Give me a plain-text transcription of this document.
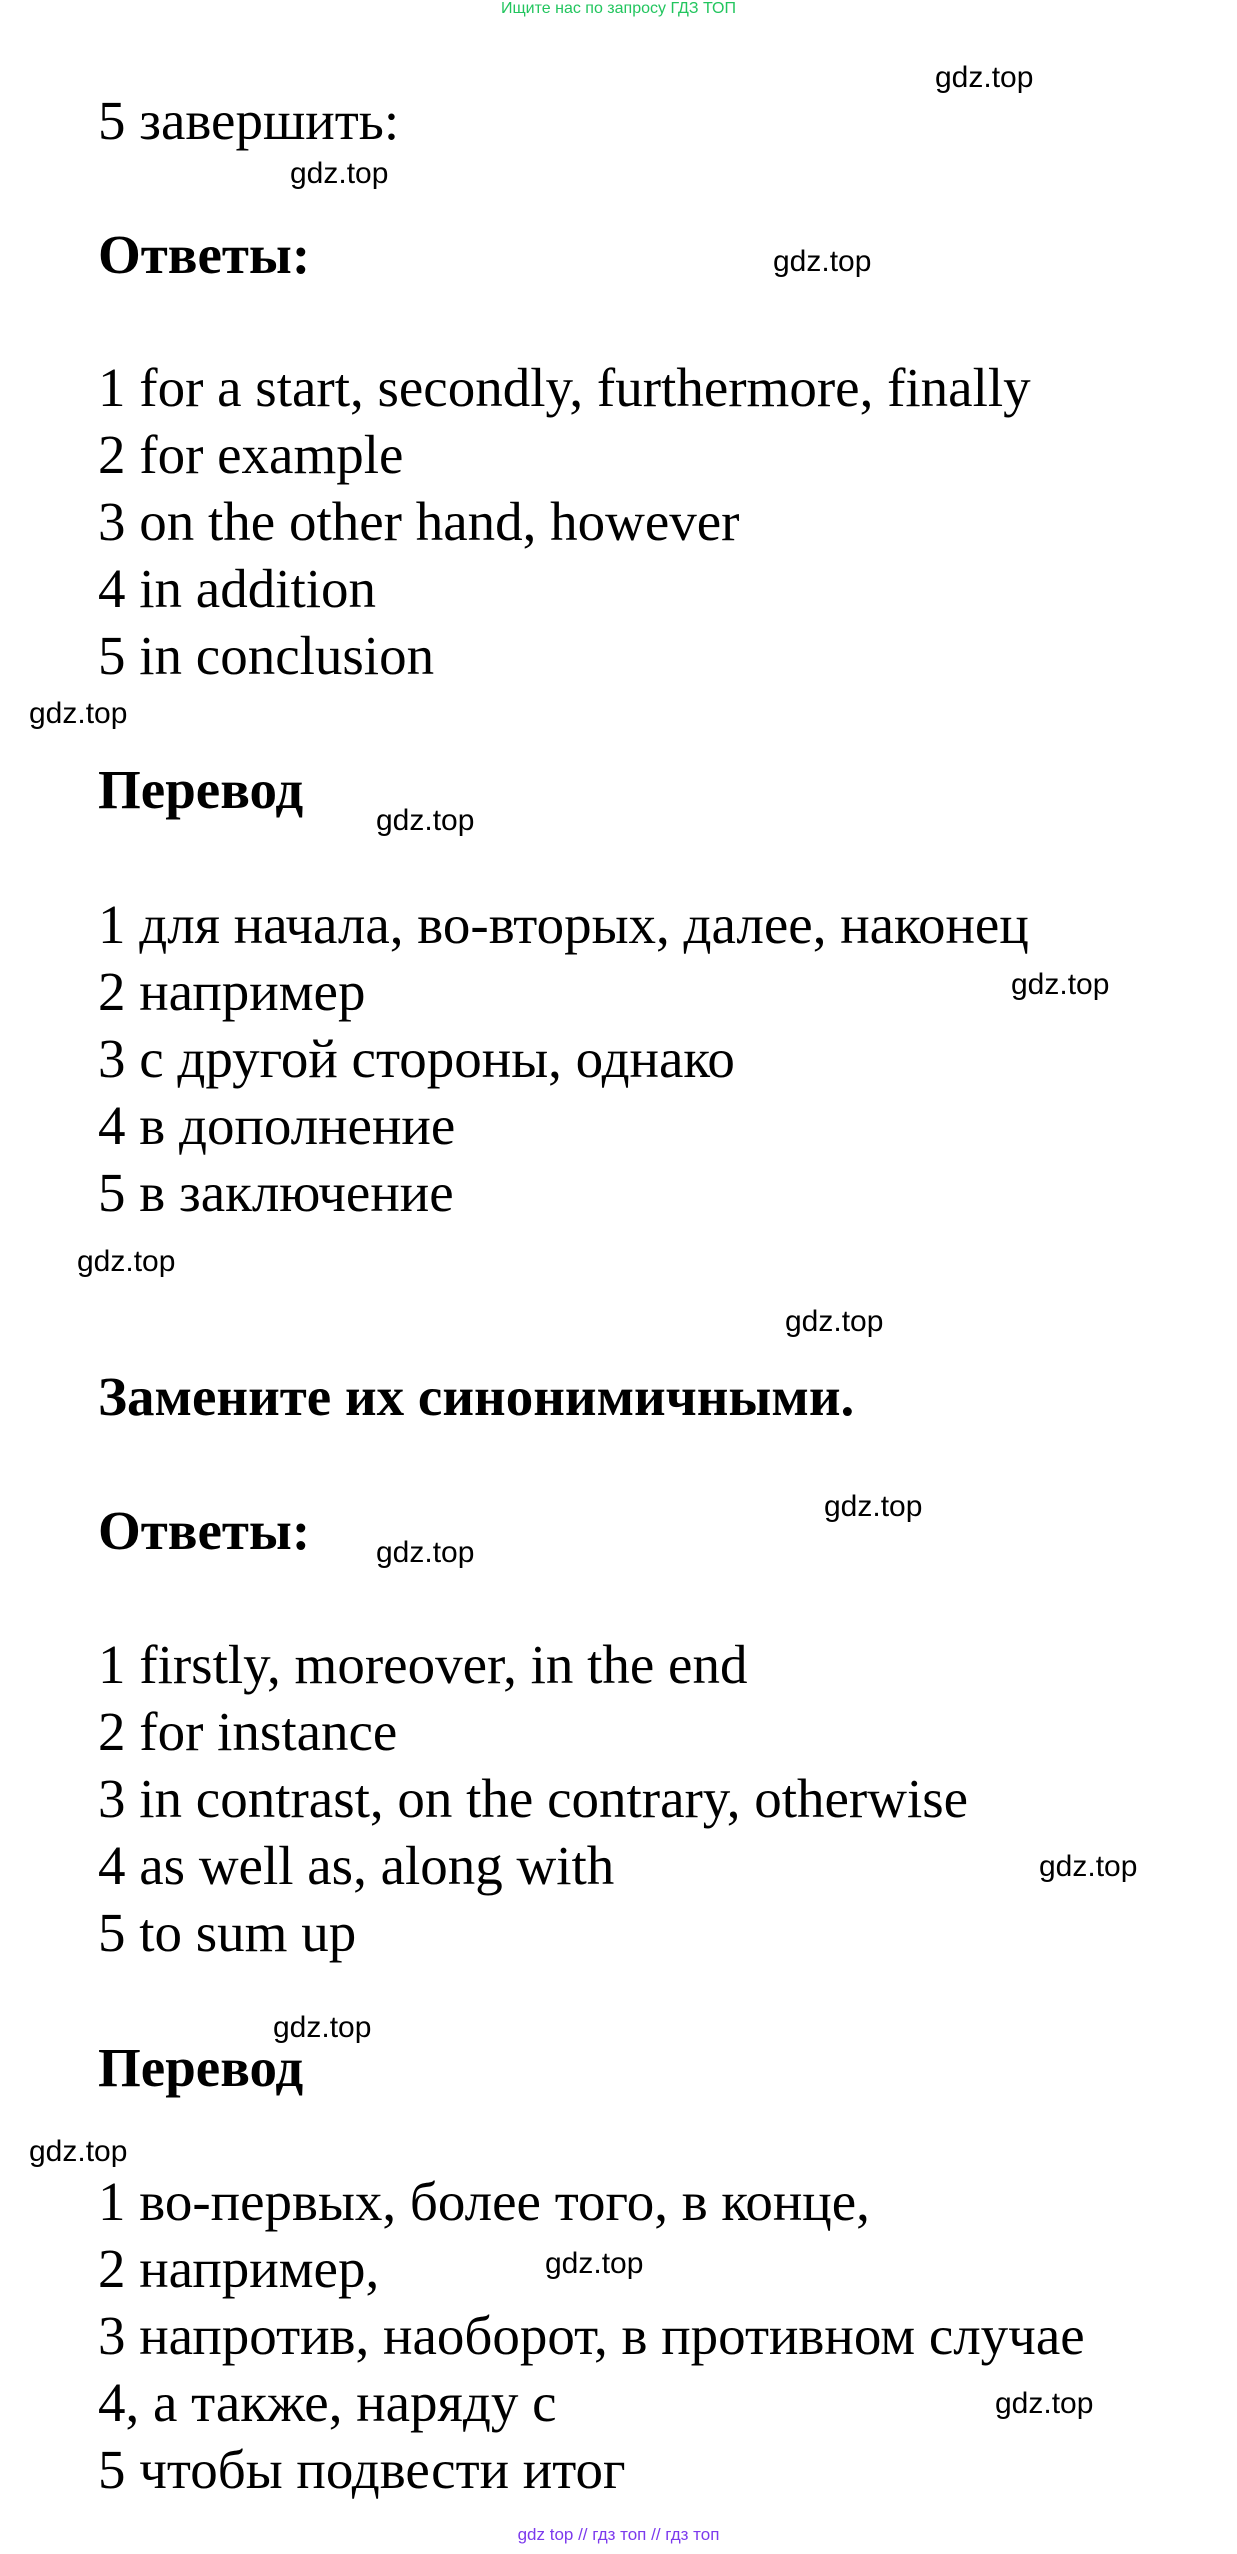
Ищите нас по запросу ГДЗ ТОП
5 завершить:
Ответы:
1 for a start, secondly, furthermore, finally
2 for example
3 on the other hand, however
4 in addition
5 in conclusion
Перевод
1 для начала, во-вторых, далее, наконец
2 например
3 с другой стороны, однако
4 в дополнение
5 в заключение
Замените их синонимичными.
Ответы:
1 firstly, moreover, in the end
2 for instance
3 in contrast, on the contrary, otherwise
4 as well as, along with
5 to sum up
Перевод
1 во-первых, более того, в конце,
2 например,
3 напротив, наоборот, в противном случае
4, а также, наряду с
5 чтобы подвести итог
gdz.top
gdz.top
gdz.top
gdz.top
gdz.top
gdz.top
gdz.top
gdz.top
gdz.top
gdz.top
gdz.top
gdz.top
gdz.top
gdz.top
gdz.top
gdz top // гдз топ // гдз топ
